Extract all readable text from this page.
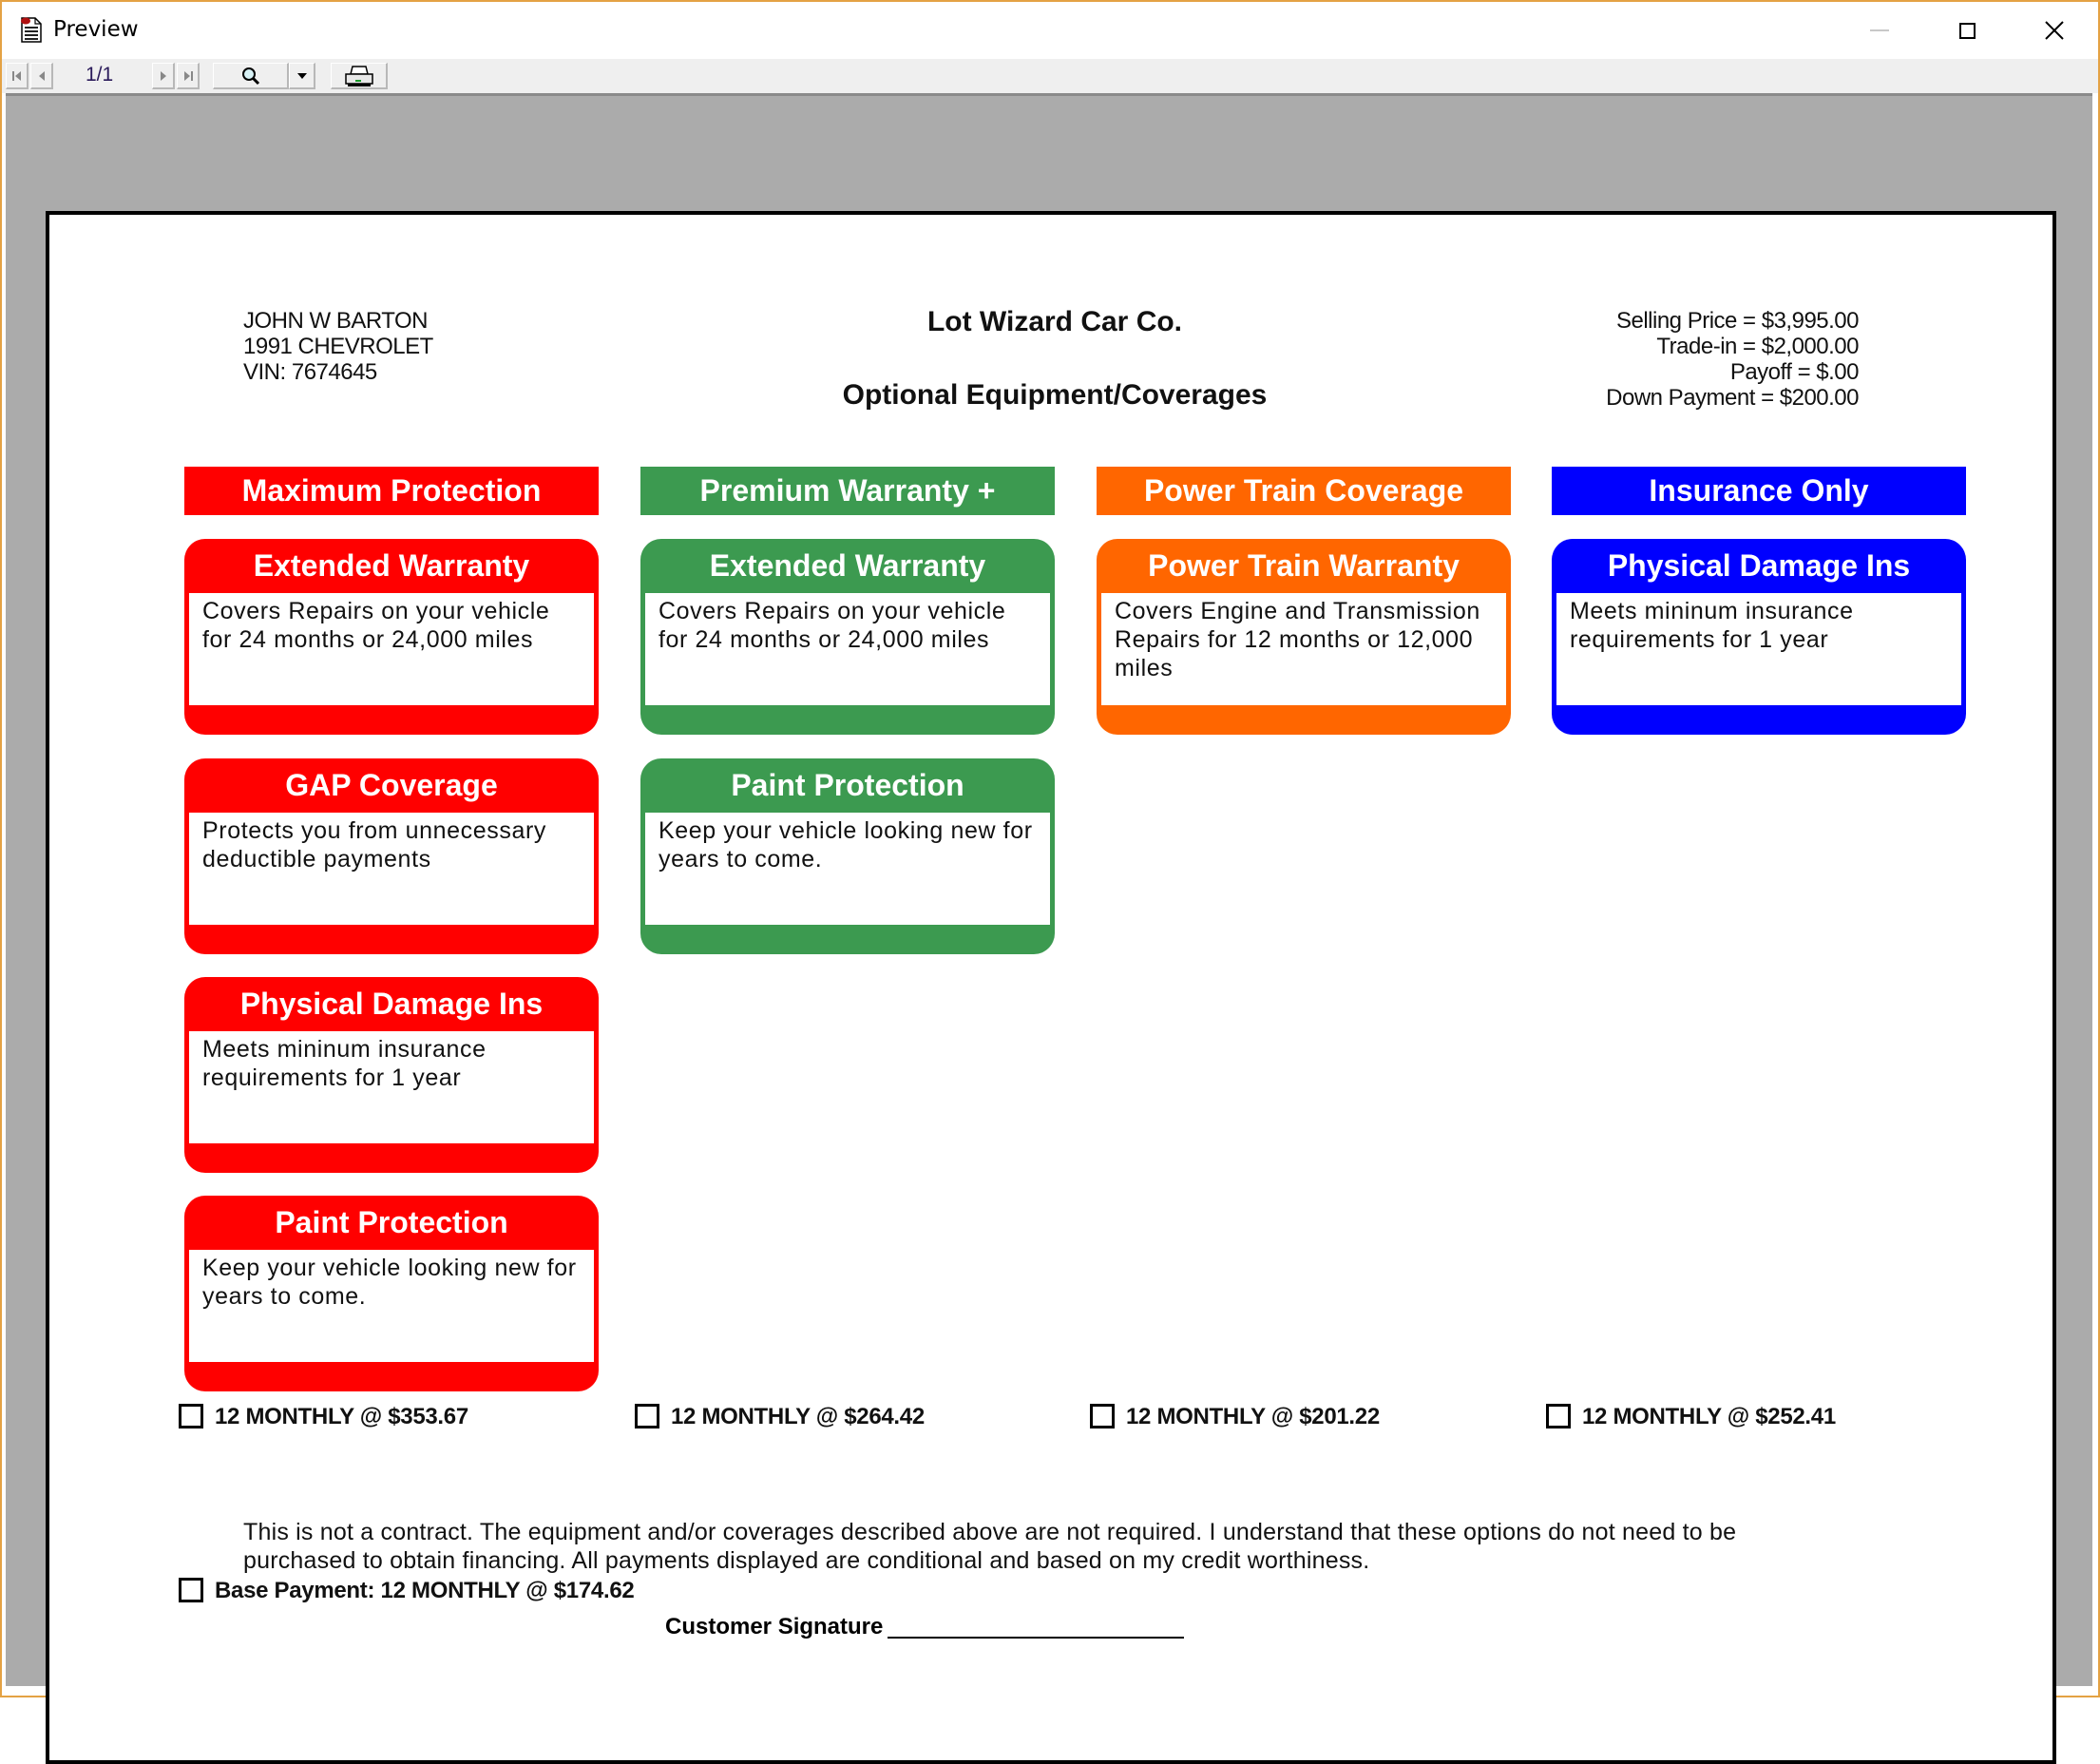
Preview
1/1
JOHN W BARTON
1991 CHEVROLET
VIN: 7674645
Lot Wizard Car Co.
Optional Equipment/Coverages
Selling Price = $3,995.00
Trade-in = $2,000.00
Payoff = $.00
Down Payment = $200.00
Maximum Protection
Extended Warranty
Covers Repairs on your vehicle for 24 months or 24,000 miles
GAP Coverage
Protects you from unnecessary deductible payments
Physical Damage Ins
Meets mininum insurance requirements for 1 year
Paint Protection
Keep your vehicle looking new for years to come.
Premium Warranty +
Extended Warranty
Covers Repairs on your vehicle for 24 months or 24,000 miles
Paint Protection
Keep your vehicle looking new for years to come.
Power Train Coverage
Power Train Warranty
Covers Engine and Transmission Repairs for 12 months or 12,000 miles
Insurance Only
Physical Damage Ins
Meets mininum insurance requirements for 1 year
12 MONTHLY @ $353.67	12 MONTHLY @ $264.42	12 MONTHLY @ $201.22	12 MONTHLY @ $252.41
This is not a contract. The equipment and/or coverages described above are not required. I understand that these options do not need to be
purchased to obtain financing. All payments displayed are conditional and based on my credit worthiness.
Base Payment: 12 MONTHLY @ $174.62
Customer Signature
